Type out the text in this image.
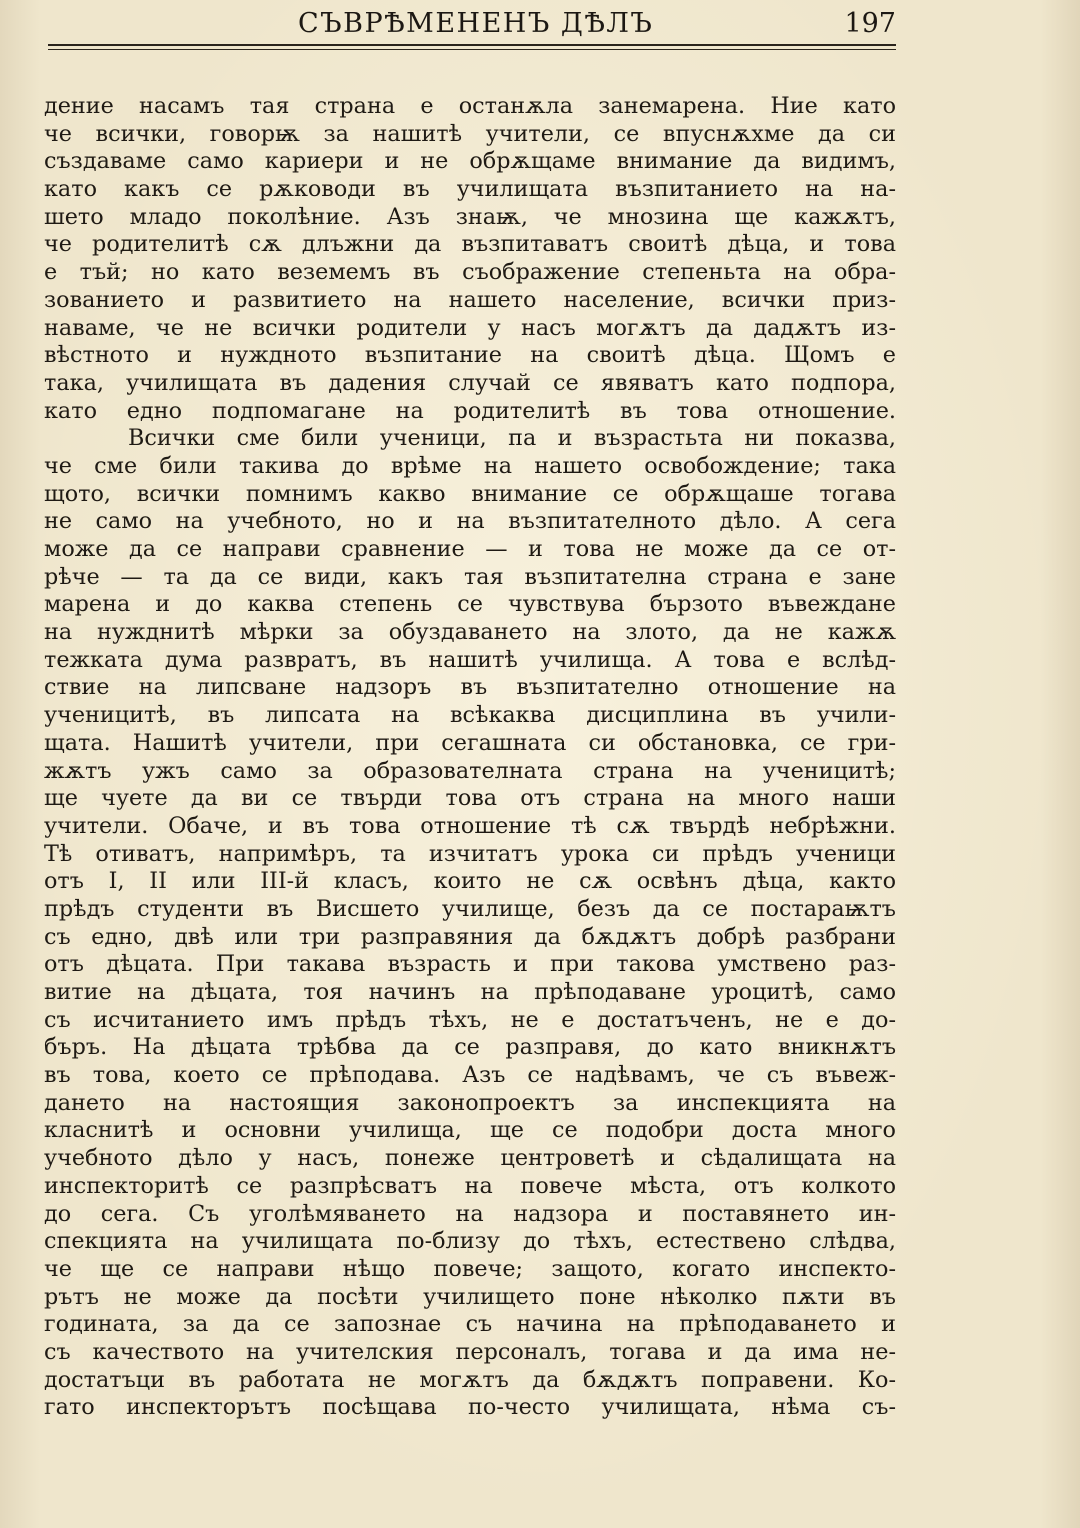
СЪВРѢМЕНЕНЪ ДѢЛЪ	197
дение насамъ тая страна е останѫла занемарена. Ние като
че всички, говорѭ за нашитѣ учители, се впуснѫхме да си
създаваме само кариери и не обрѫщаме внимание да видимъ,
като какъ се рѫководи въ училищата възпитанието на на-
шето младо поколѣние. Азъ знаѭ, че мнозина ще кажѫтъ,
че родителитѣ сѫ длъжни да възпитаватъ своитѣ дѣца, и това
е тъй; но като веземемъ въ съображение степеньта на обра-
зованието и развитието на нашето население, всички приз-
наваме, че не всички родители у насъ могѫтъ да дадѫтъ из-
вѣстното и нуждното възпитание на своитѣ дѣца. Щомъ е
така, училищата въ дадения случай се явяватъ като подпора,
като едно подпомагане на родителитѣ въ това отношение.
Всички сме били ученици, па и възрастьта ни показва,
че сме били такива до врѣме на нашето освобождение; така
щото, всички помнимъ какво внимание се обрѫщаше тогава
не само на учебното, но и на възпитателното дѣло. А сега
може да се направи сравнение — и това не може да се от-
рѣче — та да се види, какъ тая възпитателна страна е зане
марена и до каква степень се чувствува бързото въвеждане
на нужднитѣ мѣрки за обуздаването на злото, да не кажѫ
тежката дума развратъ, въ нашитѣ училища. А това е вслѣд-
ствие на липсване надзоръ въ възпитателно отношение на
ученицитѣ, въ липсата на всѣкаква дисциплина въ учили-
щата. Нашитѣ учители, при сегашната си обстановка, се гри-
жѫтъ ужъ само за образователната страна на ученицитѣ;
ще чуете да ви се твърди това отъ страна на много наши
учители. Обаче, и въ това отношение тѣ сѫ твърдѣ небрѣжни.
Тѣ отиватъ, напримѣръ, та изчитатъ урока си прѣдъ ученици
отъ I, II или III-й класъ, които не сѫ освѣнъ дѣца, както
прѣдъ студенти въ Висшето училище, безъ да се постараѭтъ
съ едно, двѣ или три разправяния да бѫдѫтъ добрѣ разбрани
отъ дѣцата. При такава възрасть и при такова умствено раз-
витие на дѣцата, тоя начинъ на прѣподаване уроцитѣ, само
съ исчитанието имъ прѣдъ тѣхъ, не е достатъченъ, не е до-
бъръ. На дѣцата трѣбва да се разправя, до като вникнѫтъ
въ това, което се прѣподава. Азъ се надѣвамъ, че съ въвеж-
дането на настоящия законопроектъ за инспекцията на
класнитѣ и основни училища, ще се подобри доста много
учебното дѣло у насъ, понеже центроветѣ и сѣдалищата на
инспекторитѣ се разпрѣсватъ на повече мѣста, отъ колкото
до сега. Съ уголѣмяването на надзора и поставянето ин-
спекцията на училищата по-близу до тѣхъ, естествено слѣдва,
че ще се направи нѣщо повече; защото, когато инспекто-
рътъ не може да посѣти училището поне нѣколко пѫти въ
годината, за да се запознае съ начина на прѣподаването и
съ качеството на учителския персоналъ, тогава и да има не-
достатъци въ работата не могѫтъ да бѫдѫтъ поправени. Ко-
гато инспекторътъ посѣщава по-често училищата, нѣма съ-
